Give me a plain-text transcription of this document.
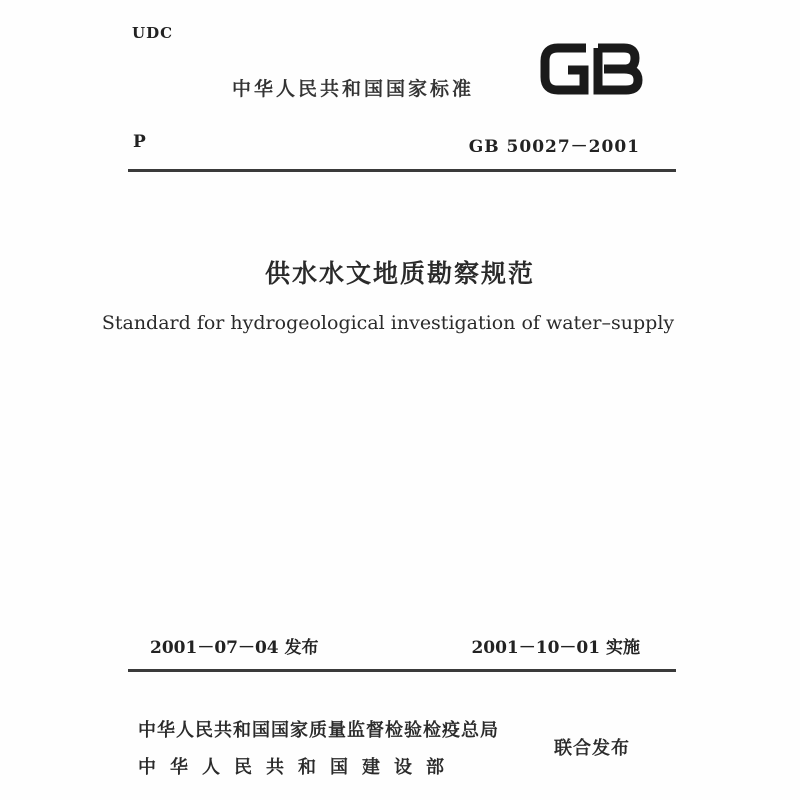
UDC
中华人民共和国国家标准
P	GB 50027－2001
供水水文地质勘察规范
Standard for hydrogeological investigation of water–supply
2001－07－04 发布	2001－10－01 实施
中华人民共和国国家质量监督检验检疫总局
中华人民共和国建设部
联合发布
